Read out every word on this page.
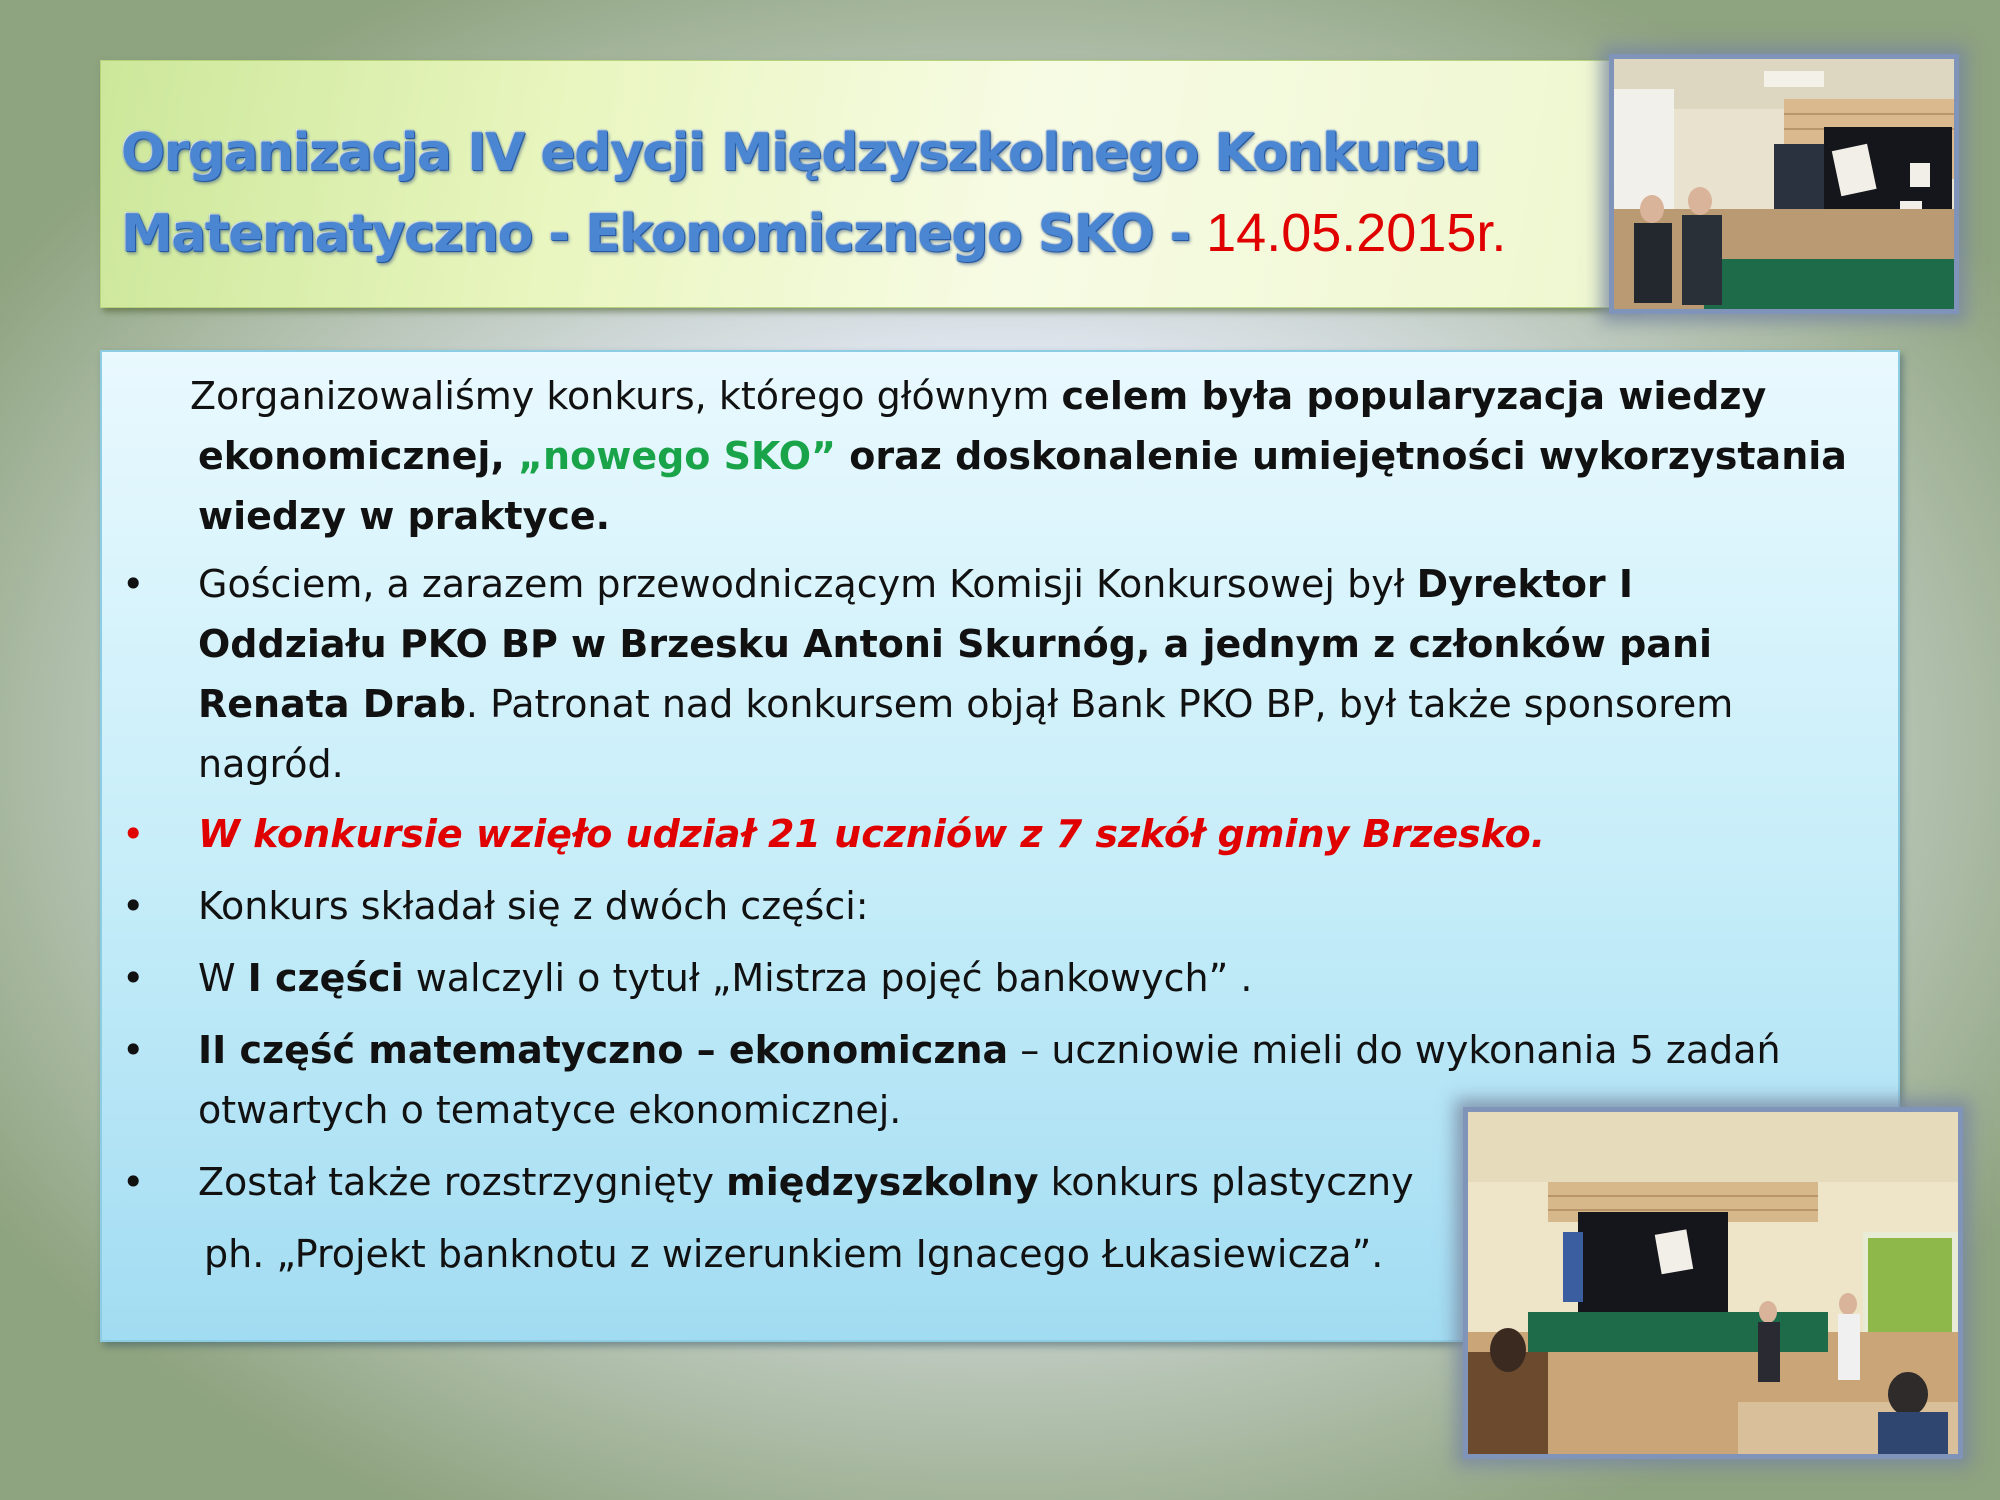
Organizacja IV edycji Międzyszkolnego Konkursu
Matematyczno - Ekonomicznego SKO - 14.05.2015r.
Zorganizowaliśmy konkurs, którego głównym celem była popularyzacja wiedzy ekonomicznej, „nowego SKO” oraz doskonalenie umiejętności wykorzystania wiedzy w praktyce.
• Gościem, a zarazem przewodniczącym Komisji Konkursowej był Dyrektor I Oddziału PKO BP w Brzesku Antoni Skurnóg, a jednym z członków pani Renata Drab. Patronat nad konkursem objął Bank PKO BP, był także sponsorem nagród.
• W konkursie wzięło udział 21 uczniów z 7 szkół gminy Brzesko.
• Konkurs składał się z dwóch części:
• W I części walczyli o tytuł „Mistrza pojęć bankowych” .
• II część matematyczno – ekonomiczna – uczniowie mieli do wykonania 5 zadań otwartych o tematyce ekonomicznej.
• Został także rozstrzygnięty międzyszkolny konkurs plastyczny
ph. „Projekt banknotu z wizerunkiem Ignacego Łukasiewicza”.
